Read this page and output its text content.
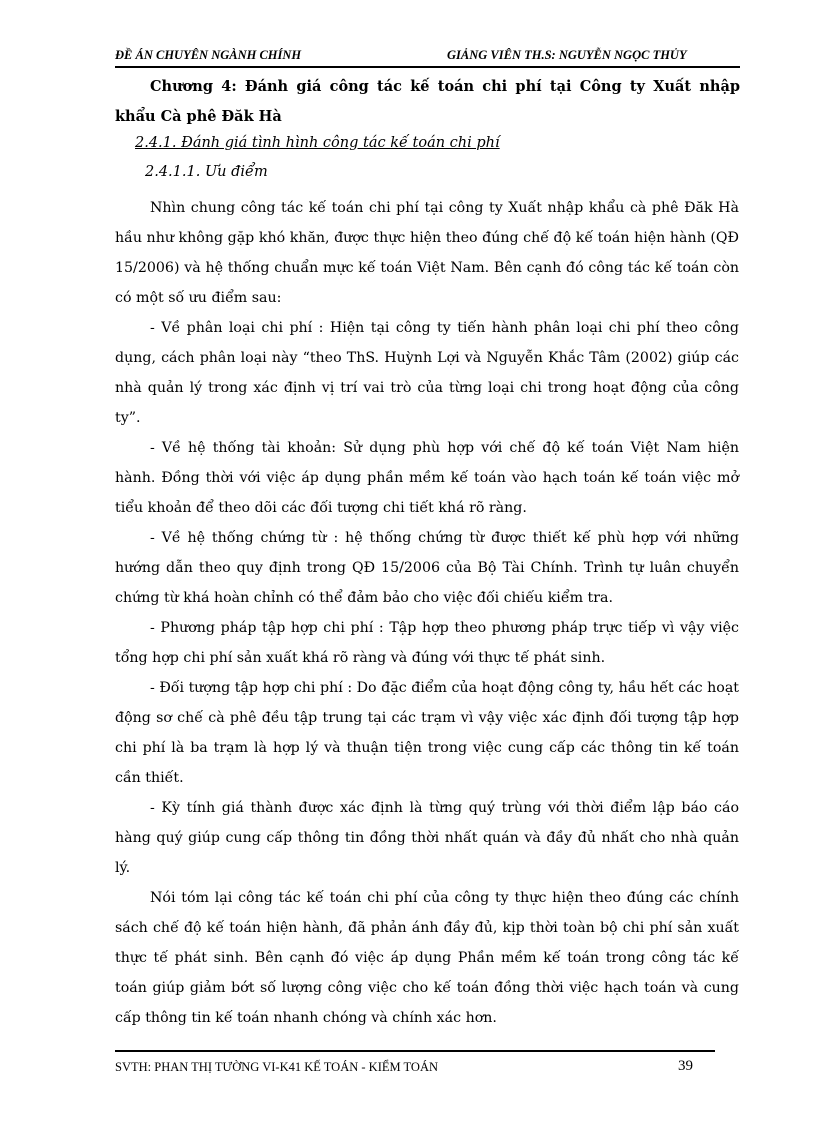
ĐỀ ÁN CHUYÊN NGÀNH CHÍNH	GIẢNG VIÊN TH.S: NGUYỄN NGỌC THỦY
Chương 4: Đánh giá công tác kế toán chi phí tại Công ty Xuất nhập khẩu Cà phê Đăk Hà
2.4.1. Đánh giá tình hình công tác kế toán chi phí
2.4.1.1. Ưu điểm

Nhìn chung công tác kế toán chi phí tại công ty Xuất nhập khẩu cà phê Đăk Hà hầu như không gặp khó khăn, được thực hiện theo đúng chế độ kế toán hiện hành (QĐ 15/2006) và hệ thống chuẩn mực kế toán Việt Nam. Bên cạnh đó công tác kế toán còn có một số ưu điểm sau:

- Về phân loại chi phí : Hiện tại công ty tiến hành phân loại chi phí theo công dụng, cách phân loại này “theo ThS. Huỳnh Lợi và Nguyễn Khắc Tâm (2002) giúp các nhà quản lý trong xác định vị trí vai trò của từng loại chi trong hoạt động của công ty”.

- Về hệ thống tài khoản: Sử dụng phù hợp với chế độ kế toán Việt Nam hiện hành. Đồng thời với việc áp dụng phần mềm kế toán vào hạch toán kế toán việc mở tiểu khoản để theo dõi các đối tượng chi tiết khá rõ ràng.

- Về hệ thống chứng từ : hệ thống chứng từ được thiết kế phù hợp với những hướng dẫn theo quy định trong QĐ 15/2006 của Bộ Tài Chính. Trình tự luân chuyển chứng từ khá hoàn chỉnh có thể đảm bảo cho việc đối chiếu kiểm tra.

- Phương pháp tập hợp chi phí : Tập hợp theo phương pháp trực tiếp vì vậy việc tổng hợp chi phí sản xuất khá rõ ràng và đúng với thực tế phát sinh.

- Đối tượng tập hợp chi phí : Do đặc điểm của hoạt động công ty, hầu hết các hoạt động sơ chế cà phê đều tập trung tại các trạm vì vậy việc xác định đối tượng tập hợp chi phí là ba trạm là hợp lý và thuận tiện trong việc cung cấp các thông tin kế toán cần thiết.

- Kỳ tính giá thành được xác định là từng quý trùng với thời điểm lập báo cáo hàng quý giúp cung cấp thông tin đồng thời nhất quán và đầy đủ nhất cho nhà quản lý.

Nói tóm lại công tác kế toán chi phí của công ty thực hiện theo đúng các chính sách chế độ kế toán hiện hành, đã phản ánh đầy đủ, kịp thời toàn bộ chi phí sản xuất thực tế phát sinh. Bên cạnh đó việc áp dụng Phần mềm kế toán trong công tác kế toán giúp giảm bớt số lượng công việc cho kế toán đồng thời việc hạch toán và cung cấp thông tin kế toán nhanh chóng và chính xác hơn.

SVTH: PHAN THỊ TƯỜNG VI-K41 KẾ TOÁN - KIỂM TOÁN	39
